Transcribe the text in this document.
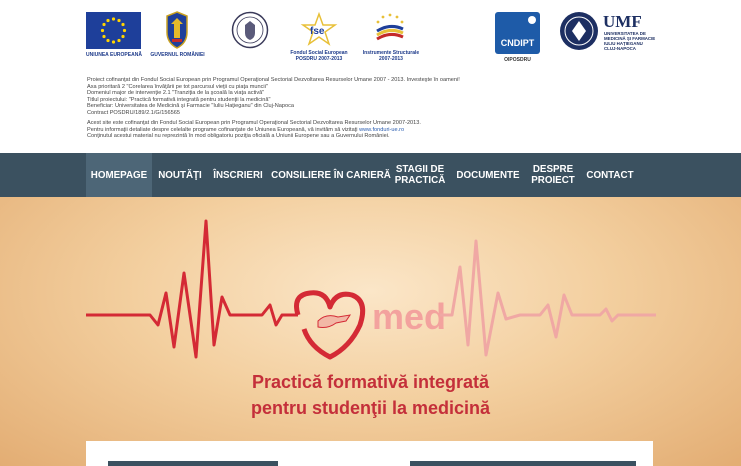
UNIUNEA EUROPEANĂ GUVERNUL ROMÂNIEI
fse
Fondul Social European
POSDRU 2007-2013
Instrumente Structurale
2007-2013
CNDIPT
OIPOSDRU
UMF
UNIVERSITATEA DE
MEDICINĂ ŞI FARMACIE
IULIU HAŢIEGANU
CLUJ-NAPOCA
Proiect cofinanţat din Fondul Social European prin Programul Operaţional Sectorial Dezvoltarea Resurselor Umane 2007 - 2013. Investeşte în oameni!
Axa prioritară 2 "Corelarea învăţării pe tot parcursul vieţii cu piaţa muncii"
Domeniul major de intervenţie 2.1 "Tranziţia de la şcoală la viaţa activă"
Titlul proiectului: "Practică formativă integrată pentru studenţii la medicină"
Beneficiar: Universitatea de Medicină şi Farmacie "Iuliu Haţieganu" din Cluj-Napoca
Contract POSDRU/189/2.1/G/156565
Acest site este cofinanţat din Fondul Social European prin Programul Operaţional Sectorial Dezvoltarea Resurselor Umane 2007-2013.
Pentru informaţii detaliate despre celelalte programe cofinanţate de Uniunea Europeană, vă invităm să vizitaţi www.fonduri-ue.ro
Conţinutul acestui material nu reprezintă în mod obligatoriu poziţia oficială a Uniunii Europene sau a Guvernului României.
HOMEPAGE	NOUTĂŢI	ÎNSCRIERI CONSILIERE ÎN CARIERĂ STAGII DE
PRACTICĂ	DOCUMENTE	DESPRE
PROIECT	CONTACT
med
Practică formativă integrată
pentru studenţii la medicină
